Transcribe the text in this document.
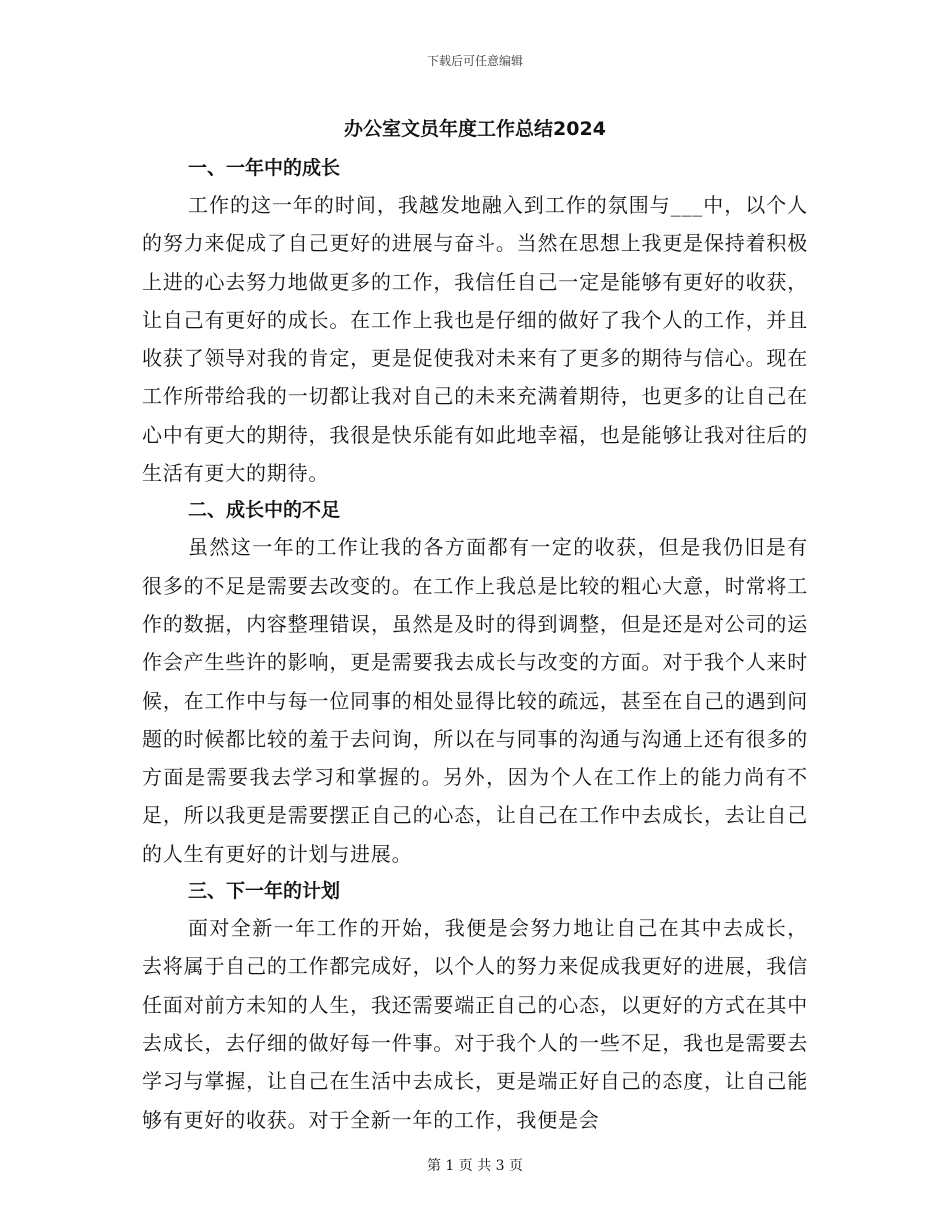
下载后可任意编辑
办公室文员年度工作总结2024
一、一年中的成长

工作的这一年的时间，我越发地融入到工作的氛围与___中，以个人的努力来促成了自己更好的进展与奋斗。当然在思想上我更是保持着积极上进的心去努力地做更多的工作，我信任自己一定是能够有更好的收获，让自己有更好的成长。在工作上我也是仔细的做好了我个人的工作，并且收获了领导对我的肯定，更是促使我对未来有了更多的期待与信心。现在工作所带给我的一切都让我对自己的未来充满着期待，也更多的让自己在心中有更大的期待，我很是快乐能有如此地幸福，也是能够让我对往后的生活有更大的期待。

二、成长中的不足

虽然这一年的工作让我的各方面都有一定的收获，但是我仍旧是有很多的不足是需要去改变的。在工作上我总是比较的粗心大意，时常将工作的数据，内容整理错误，虽然是及时的得到调整，但是还是对公司的运作会产生些许的影响，更是需要我去成长与改变的方面。对于我个人来时候，在工作中与每一位同事的相处显得比较的疏远，甚至在自己的遇到问题的时候都比较的羞于去问询，所以在与同事的沟通与沟通上还有很多的方面是需要我去学习和掌握的。另外，因为个人在工作上的能力尚有不足，所以我更是需要摆正自己的心态，让自己在工作中去成长，去让自己的人生有更好的计划与进展。

三、下一年的计划

面对全新一年工作的开始，我便是会努力地让自己在其中去成长，去将属于自己的工作都完成好，以个人的努力来促成我更好的进展，我信任面对前方未知的人生，我还需要端正自己的心态，以更好的方式在其中去成长，去仔细的做好每一件事。对于我个人的一些不足，我也是需要去学习与掌握，让自己在生活中去成长，更是端正好自己的态度，让自己能够有更好的收获。对于全新一年的工作，我便是会

第 1 页 共 3 页
